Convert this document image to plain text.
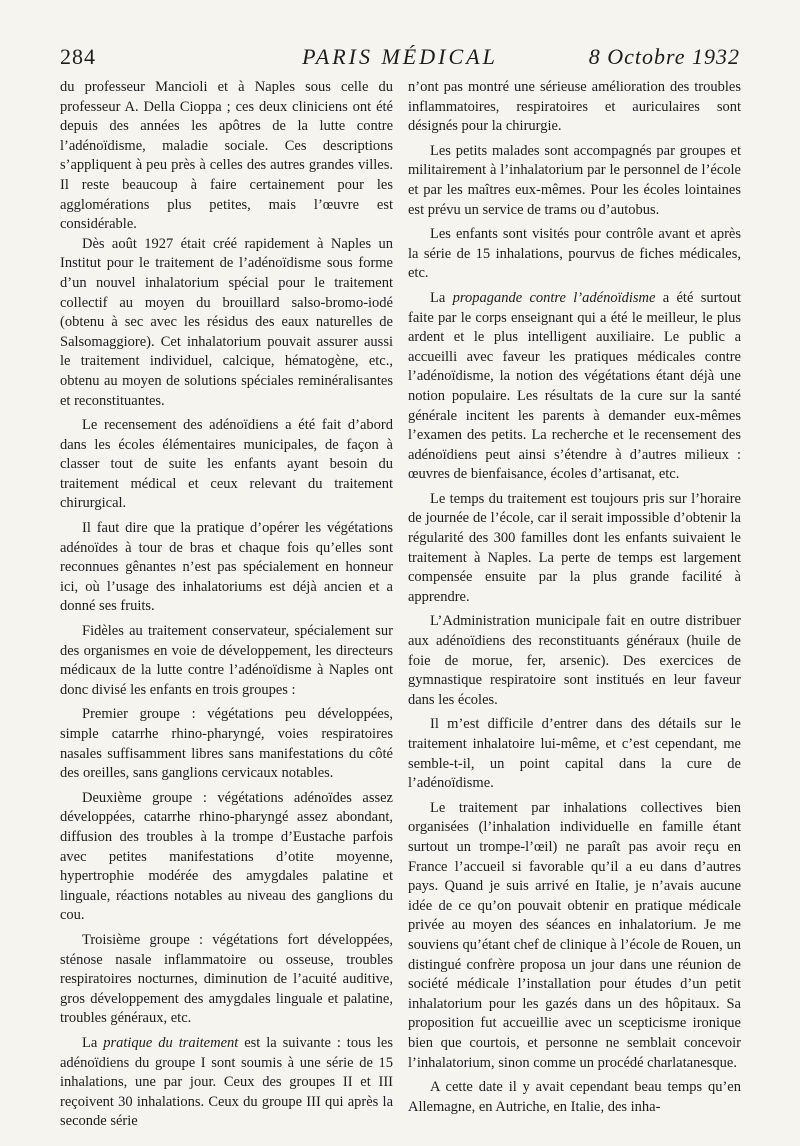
284	PARIS MÉDICAL	8 Octobre 1932

du professeur Mancioli et à Naples sous celle du professeur A. Della Cioppa ; ces deux cliniciens ont été depuis des années les apôtres de la lutte contre l’adénoïdisme, maladie sociale. Ces descriptions s’appliquent à peu près à celles des autres grandes villes. Il reste beaucoup à faire certainement pour les agglomérations plus petites, mais l’œuvre est considérable.

Dès août 1927 était créé rapidement à Naples un Institut pour le traitement de l’adénoïdisme sous forme d’un nouvel inhalatorium spécial pour le traitement collectif au moyen du brouillard salso-bromo-iodé (obtenu à sec avec les résidus des eaux naturelles de Salsomaggiore). Cet inhalatorium pouvait assurer aussi le traitement individuel, calcique, hématogène, etc., obtenu au moyen de solutions spéciales reminéralisantes et reconstituantes.

Le recensement des adénoïdiens a été fait d’abord dans les écoles élémentaires municipales, de façon à classer tout de suite les enfants ayant besoin du traitement médical et ceux relevant du traitement chirurgical.

Il faut dire que la pratique d’opérer les végétations adénoïdes à tour de bras et chaque fois qu’elles sont reconnues gênantes n’est pas spécialement en honneur ici, où l’usage des inhalatoriums est déjà ancien et a donné ses fruits.

Fidèles au traitement conservateur, spécialement sur des organismes en voie de développement, les directeurs médicaux de la lutte contre l’adénoïdisme à Naples ont donc divisé les enfants en trois groupes :

Premier groupe : végétations peu développées, simple catarrhe rhino-pharyngé, voies respiratoires nasales suffisamment libres sans manifestations du côté des oreilles, sans ganglions cervicaux notables.

Deuxième groupe : végétations adénoïdes assez développées, catarrhe rhino-pharyngé assez abondant, diffusion des troubles à la trompe d’Eustache parfois avec petites manifestations d’otite moyenne, hypertrophie modérée des amygdales palatine et linguale, réactions notables au niveau des ganglions du cou.

Troisième groupe : végétations fort développées, sténose nasale inflammatoire ou osseuse, troubles respiratoires nocturnes, diminution de l’acuité auditive, gros développement des amygdales linguale et palatine, troubles généraux, etc.

La pratique du traitement est la suivante : tous les adénoïdiens du groupe I sont soumis à une série de 15 inhalations, une par jour. Ceux des groupes II et III reçoivent 30 inhalations. Ceux du groupe III qui après la seconde série

n’ont pas montré une sérieuse amélioration des troubles inflammatoires, respiratoires et auriculaires sont désignés pour la chirurgie.

Les petits malades sont accompagnés par groupes et militairement à l’inhalatorium par le personnel de l’école et par les maîtres eux-mêmes. Pour les écoles lointaines est prévu un service de trams ou d’autobus.

Les enfants sont visités pour contrôle avant et après la série de 15 inhalations, pourvus de fiches médicales, etc.

La propagande contre l’adénoïdisme a été surtout faite par le corps enseignant qui a été le meilleur, le plus ardent et le plus intelligent auxiliaire. Le public a accueilli avec faveur les pratiques médicales contre l’adénoïdisme, la notion des végétations étant déjà une notion populaire. Les résultats de la cure sur la santé générale incitent les parents à demander eux-mêmes l’examen des petits. La recherche et le recensement des adénoïdiens peut ainsi s’étendre à d’autres milieux : œuvres de bienfaisance, écoles d’artisanat, etc.

Le temps du traitement est toujours pris sur l’horaire de journée de l’école, car il serait impossible d’obtenir la régularité des 300 familles dont les enfants suivaient le traitement à Naples. La perte de temps est largement compensée ensuite par la plus grande facilité à apprendre.

L’Administration municipale fait en outre distribuer aux adénoïdiens des reconstituants généraux (huile de foie de morue, fer, arsenic). Des exercices de gymnastique respiratoire sont institués en leur faveur dans les écoles.

Il m’est difficile d’entrer dans des détails sur le traitement inhalatoire lui-même, et c’est cependant, me semble-t-il, un point capital dans la cure de l’adénoïdisme.

Le traitement par inhalations collectives bien organisées (l’inhalation individuelle en famille étant surtout un trompe-l’œil) ne paraît pas avoir reçu en France l’accueil si favorable qu’il a eu dans d’autres pays. Quand je suis arrivé en Italie, je n’avais aucune idée de ce qu’on pouvait obtenir en pratique médicale privée au moyen des séances en inhalatorium. Je me souviens qu’étant chef de clinique à l’école de Rouen, un distingué confrère proposa un jour dans une réunion de société médicale l’installation pour études d’un petit inhalatorium pour les gazés dans un des hôpitaux. Sa proposition fut accueillie avec un scepticisme ironique bien que courtois, et personne ne semblait concevoir l’inhalatorium, sinon comme un procédé charlatanesque.

A cette date il y avait cependant beau temps qu’en Allemagne, en Autriche, en Italie, des inha-
